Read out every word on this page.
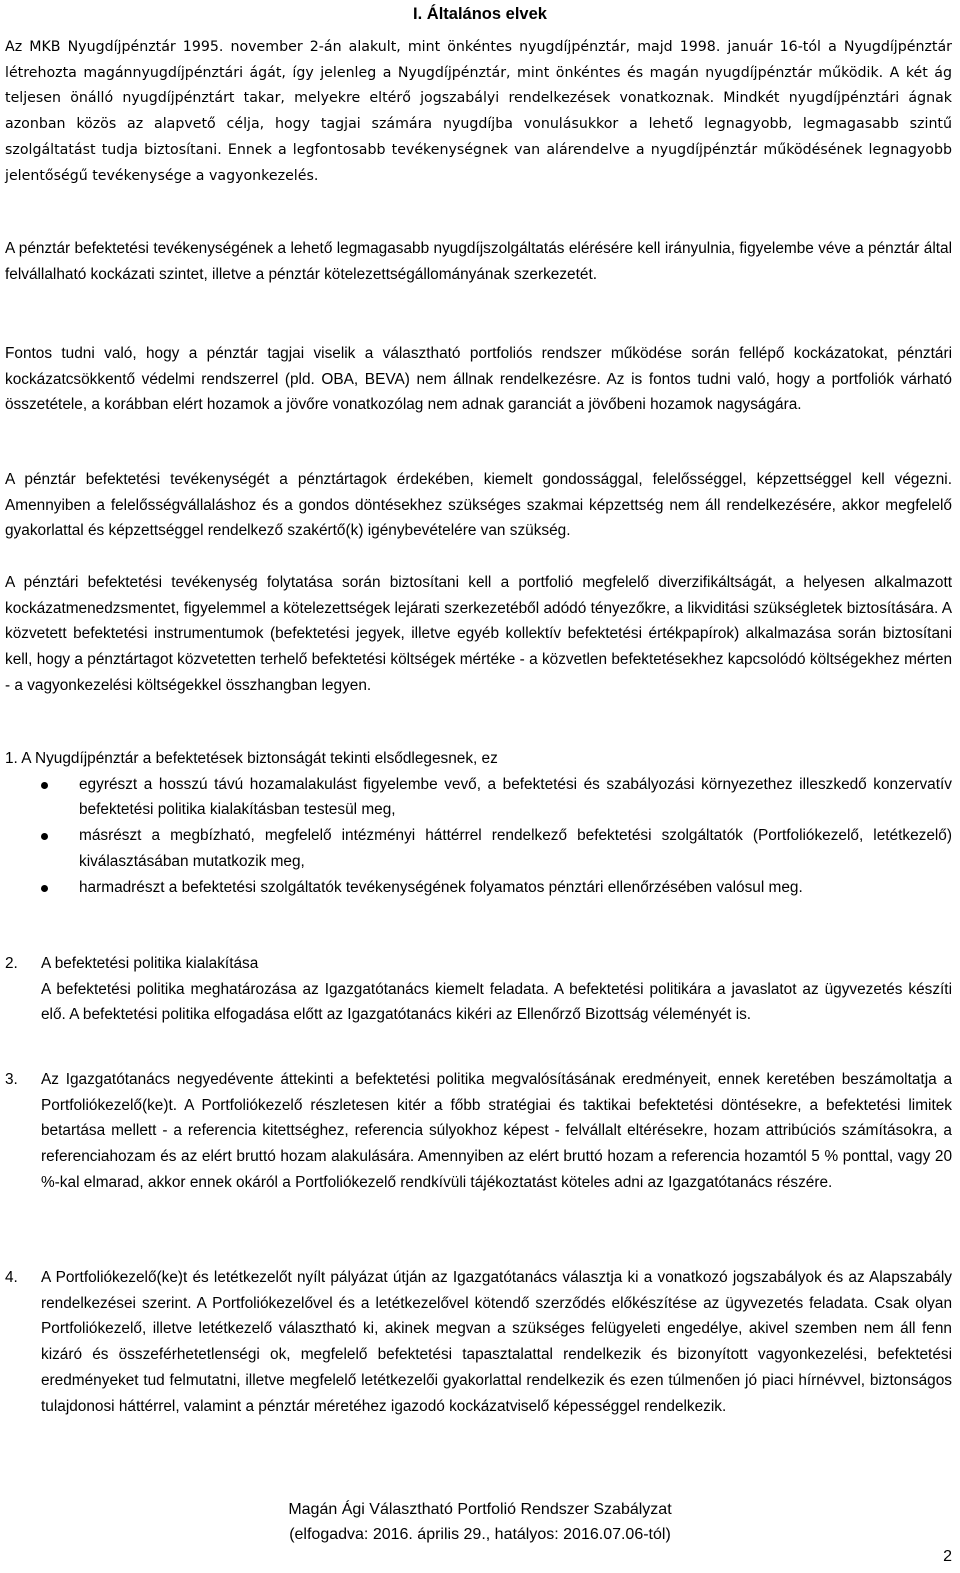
I. Általános elvek

Az MKB Nyugdíjpénztár 1995. november 2-án alakult, mint önkéntes nyugdíjpénztár, majd 1998. január 16-tól a Nyugdíjpénztár létrehozta magánnyugdíjpénztári ágát, így jelenleg a Nyugdíjpénztár, mint önkéntes és magán nyugdíjpénztár működik. A két ág teljesen önálló nyugdíjpénztárt takar, melyekre eltérő jogszabályi rendelkezések vonatkoznak. Mindkét nyugdíjpénztári ágnak azonban közös az alapvető célja, hogy tagjai számára nyugdíjba vonulásukkor a lehető legnagyobb, legmagasabb szintű szolgáltatást tudja biztosítani. Ennek a legfontosabb tevékenységnek van alárendelve a nyugdíjpénztár működésének legnagyobb jelentőségű tevékenysége a vagyonkezelés.

A pénztár befektetési tevékenységének a lehető legmagasabb nyugdíjszolgáltatás elérésére kell irányulnia, figyelembe véve a pénztár által felvállalható kockázati szintet, illetve a pénztár kötelezettségállományának szerkezetét.

Fontos tudni való, hogy a pénztár tagjai viselik a választható portfoliós rendszer működése során fellépő kockázatokat, pénztári kockázatcsökkentő védelmi rendszerrel (pld. OBA, BEVA) nem állnak rendelkezésre. Az is fontos tudni való, hogy a portfoliók várható összetétele, a korábban elért hozamok a jövőre vonatkozólag nem adnak garanciát a jövőbeni hozamok nagyságára.

A pénztár befektetési tevékenységét a pénztártagok érdekében, kiemelt gondossággal, felelősséggel, képzettséggel kell végezni. Amennyiben a felelősségvállaláshoz és a gondos döntésekhez szükséges szakmai képzettség nem áll rendelkezésére, akkor megfelelő gyakorlattal és képzettséggel rendelkező szakértő(k) igénybevételére van szükség.

A pénztári befektetési tevékenység folytatása során biztosítani kell a portfolió megfelelő diverzifikáltságát, a helyesen alkalmazott kockázatmenedzsmentet, figyelemmel a kötelezettségek lejárati szerkezetéből adódó tényezőkre, a likviditási szükségletek biztosítására. A közvetett befektetési instrumentumok (befektetési jegyek, illetve egyéb kollektív befektetési értékpapírok) alkalmazása során biztosítani kell, hogy a pénztártagot közvetetten terhelő befektetési költségek mértéke - a közvetlen befektetésekhez kapcsolódó költségekhez mérten - a vagyonkezelési költségekkel összhangban legyen.

1. A Nyugdíjpénztár a befektetések biztonságát tekinti elsődlegesnek, ez
egyrészt a hosszú távú hozamalakulást figyelembe vevő, a befektetési és szabályozási környezethez illeszkedő konzervatív befektetési politika kialakításban testesül meg,
másrészt a megbízható, megfelelő intézményi háttérrel rendelkező befektetési szolgáltatók (Portfoliókezelő, letétkezelő) kiválasztásában mutatkozik meg,
harmadrészt a befektetési szolgáltatók tevékenységének folyamatos pénztári ellenőrzésében valósul meg.
2. A befektetési politika kialakítása
A befektetési politika meghatározása az Igazgatótanács kiemelt feladata. A befektetési politikára a javaslatot az ügyvezetés készíti elő. A befektetési politika elfogadása előtt az Igazgatótanács kikéri az Ellenőrző Bizottság véleményét is.
3. Az Igazgatótanács negyedévente áttekinti a befektetési politika megvalósításának eredményeit, ennek keretében beszámoltatja a Portfoliókezelő(ke)t. A Portfoliókezelő részletesen kitér a főbb stratégiai és taktikai befektetési döntésekre, a befektetési limitek betartása mellett - a referencia kitettséghez, referencia súlyokhoz képest - felvállalt eltérésekre, hozam attribúciós számításokra, a referenciahozam és az elért bruttó hozam alakulására. Amennyiben az elért bruttó hozam a referencia hozamtól 5 % ponttal, vagy 20 %-kal elmarad, akkor ennek okáról a Portfoliókezelő rendkívüli tájékoztatást köteles adni az Igazgatótanács részére.
4. A Portfoliókezelő(ke)t és letétkezelőt nyílt pályázat útján az Igazgatótanács választja ki a vonatkozó jogszabályok és az Alapszabály rendelkezései szerint. A Portfoliókezelővel és a letétkezelővel kötendő szerződés előkészítése az ügyvezetés feladata. Csak olyan Portfoliókezelő, illetve letétkezelő választható ki, akinek megvan a szükséges felügyeleti engedélye, akivel szemben nem áll fenn kizáró és összeférhetetlenségi ok, megfelelő befektetési tapasztalattal rendelkezik és bizonyított vagyonkezelési, befektetési eredményeket tud felmutatni, illetve megfelelő letétkezelői gyakorlattal rendelkezik és ezen túlmenően jó piaci hírnévvel, biztonságos tulajdonosi háttérrel, valamint a pénztár méretéhez igazodó kockázatviselő képességgel rendelkezik.
Magán Ági Választható Portfolió Rendszer Szabályzat
(elfogadva: 2016. április 29., hatályos: 2016.07.06-tól)
2
